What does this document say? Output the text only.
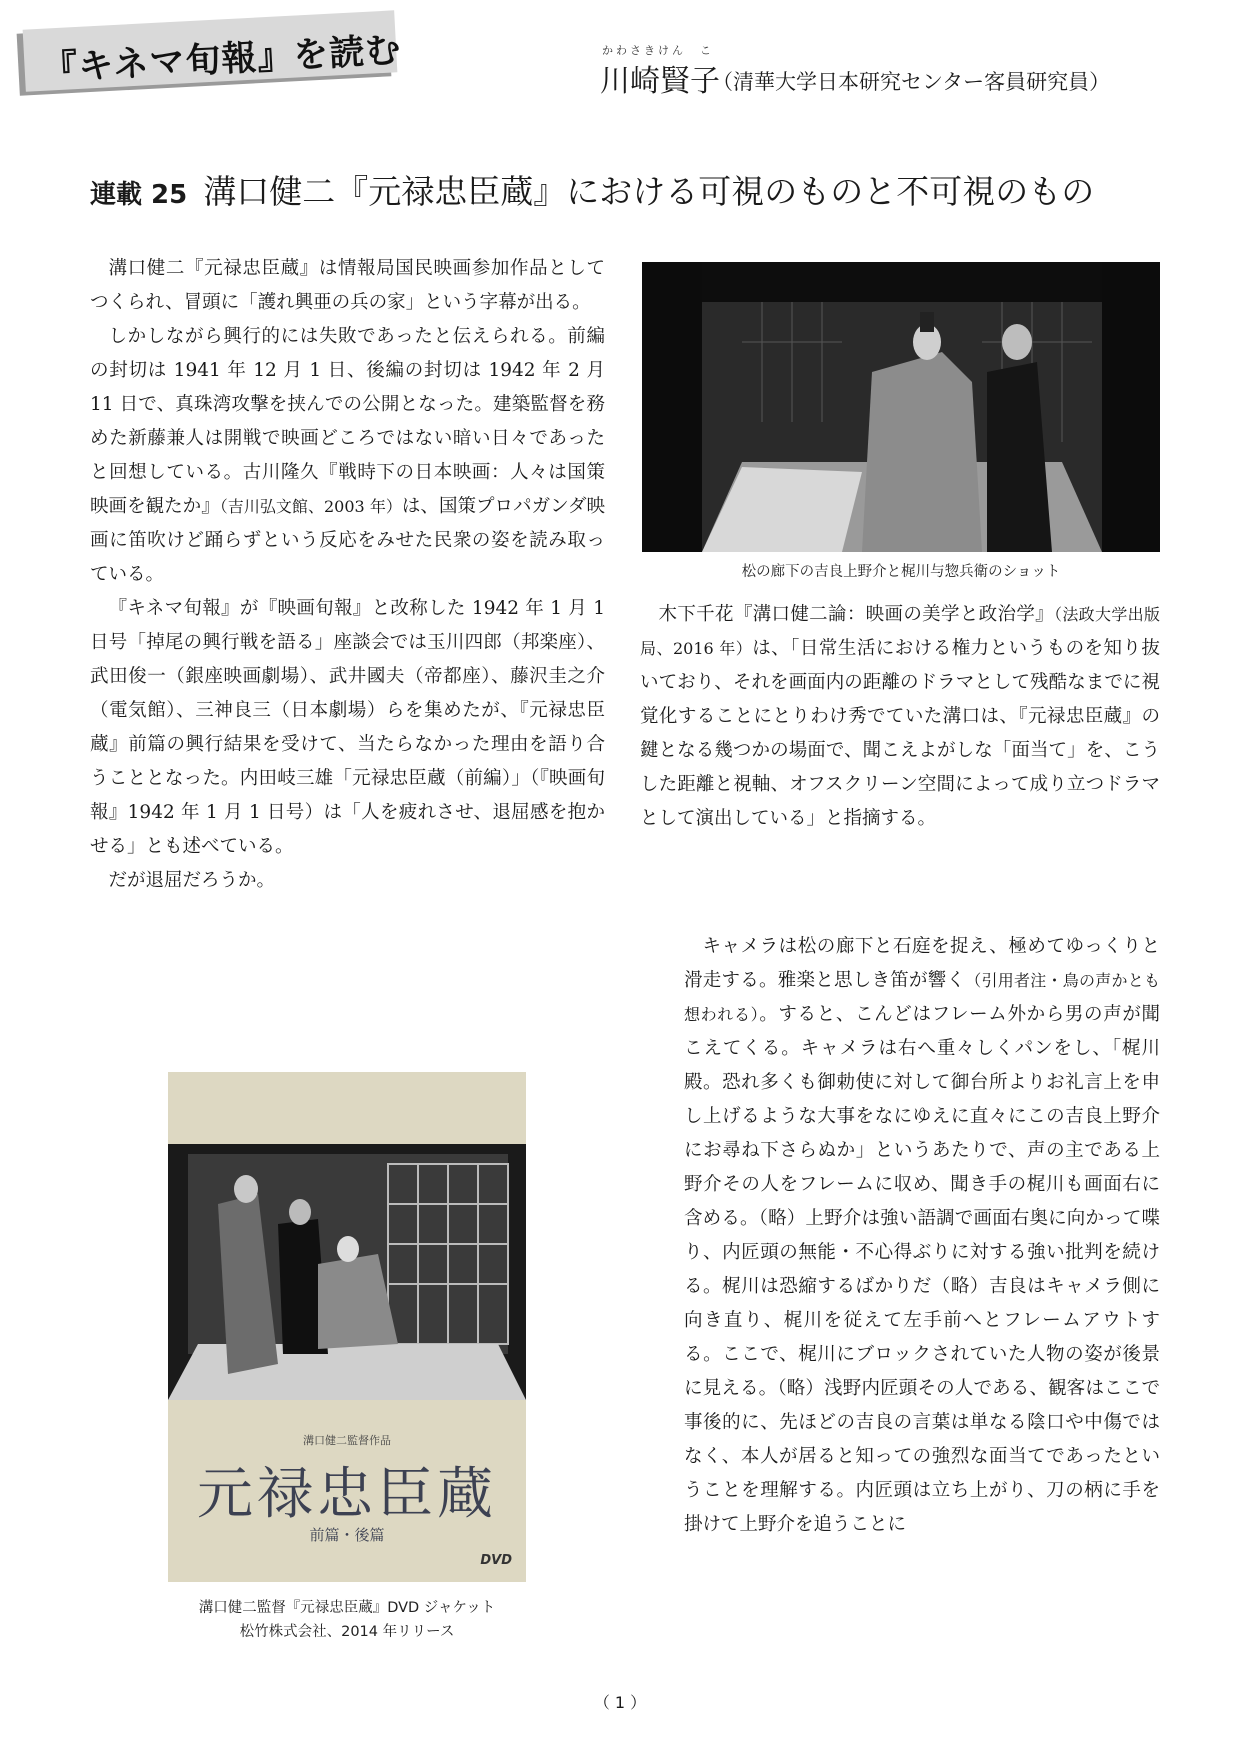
『キネマ旬報』を読む	かわさきけん　こ
川崎賢子
（清華大学日本研究センター客員研究員）
連載 25 溝口健二『元禄忠臣蔵』における可視のものと不可視のもの

溝口健二『元禄忠臣蔵』は情報局国民映画参加作品としてつくられ、冒頭に「護れ興亜の兵の家」という字幕が出る。

しかしながら興行的には失敗であったと伝えられる。前編の封切は 1941 年 12 月 1 日、後編の封切は 1942 年 2 月 11 日で、真珠湾攻撃を挟んでの公開となった。建築監督を務めた新藤兼人は開戦で映画どころではない暗い日々であったと回想している。古川隆久『戦時下の日本映画：人々は国策映画を観たか』（吉川弘文館、2003 年）は、国策プロパガンダ映画に笛吹けど踊らずという反応をみせた民衆の姿を読み取っている。

『キネマ旬報』が『映画旬報』と改称した 1942 年 1 月 1 日号「掉尾の興行戦を語る」座談会では玉川四郎（邦楽座）、武田俊一（銀座映画劇場）、武井國夫（帝都座）、藤沢圭之介（電気館）、三神良三（日本劇場）らを集めたが、『元禄忠臣蔵』前篇の興行結果を受けて、当たらなかった理由を語り合うこととなった。内田岐三雄「元禄忠臣蔵（前編）」（『映画旬報』1942 年 1 月 1 日号）は「人を疲れさせ、退屈感を抱かせる」とも述べている。

だが退屈だろうか。

松の廊下の吉良上野介と梶川与惣兵衛のショット

木下千花『溝口健二論：映画の美学と政治学』（法政大学出版局、2016 年）は、「日常生活における権力というものを知り抜いており、それを画面内の距離のドラマとして残酷なまでに視覚化することにとりわけ秀でていた溝口は、『元禄忠臣蔵』の鍵となる幾つかの場面で、聞こえよがしな「面当て」を、こうした距離と視軸、オフスクリーン空間によって成り立つドラマとして演出している」と指摘する。

キャメラは松の廊下と石庭を捉え、極めてゆっくりと滑走する。雅楽と思しき笛が響く（引用者注・鳥の声かとも想われる）。すると、こんどはフレーム外から男の声が聞こえてくる。キャメラは右へ重々しくパンをし、「梶川殿。恐れ多くも御勅使に対して御台所よりお礼言上を申し上げるような大事をなにゆえに直々にこの吉良上野介にお尋ね下さらぬか」というあたりで、声の主である上野介その人をフレームに収め、聞き手の梶川も画面右に含める。（略）上野介は強い語調で画面右奥に向かって喋り、内匠頭の無能・不心得ぶりに対する強い批判を続ける。梶川は恐縮するばかりだ（略）吉良はキャメラ側に向き直り、梶川を従えて左手前へとフレームアウトする。ここで、梶川にブロックされていた人物の姿が後景に見える。（略）浅野内匠頭その人である、観客はここで事後的に、先ほどの吉良の言葉は単なる陰口や中傷ではなく、本人が居ると知っての強烈な面当てであったということを理解する。内匠頭は立ち上がり、刀の柄に手を掛けて上野介を追うことに

溝口健二監督作品
元禄忠臣蔵
前篇・後篇
DVD
溝口健二監督『元禄忠臣蔵』DVD ジャケット
松竹株式会社、2014 年リリース
（ 1 ）
